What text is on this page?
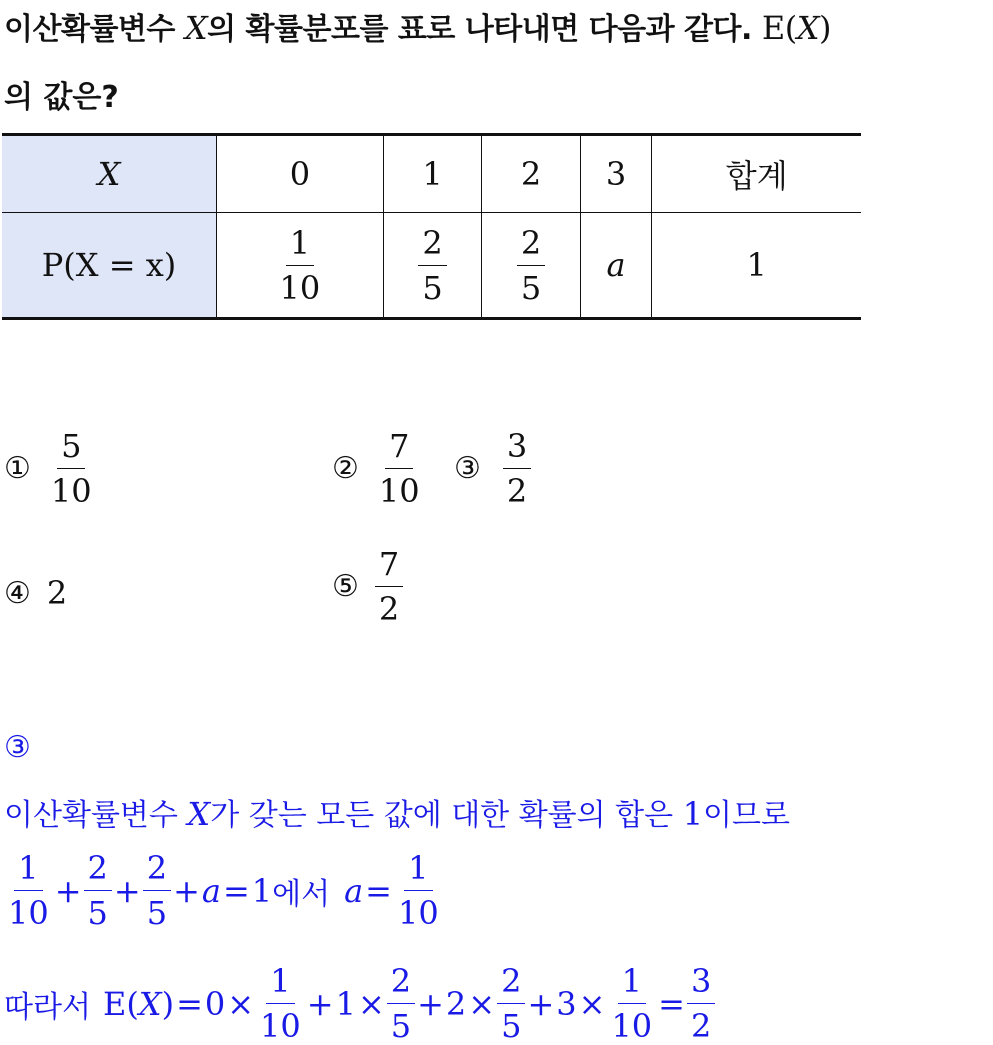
이산확률변수 X의 확률분포를 표로 나타내면 다음과 같다. E(X)
의 값은?
X	0	1	2	3	합계
P(X = x)	$\frac{1}{10}$	$\frac{2}{5}$	$\frac{2}{5}$	a	1
① $\frac{5}{10}$	② $\frac{7}{10}$ ③ $\frac{3}{2}$
④ 2	⑤ $\frac{7}{2}$
③
이산확률변수 X가 갖는 모든 값에 대한 확률의 합은 1이므로
$\frac{1}{10} + \frac{2}{5} + \frac{2}{5} + a = 1$ 에서 $a = \frac{1}{10}$
따라서 E( X ) = $0 \times \frac{1}{10} + 1 \times \frac{2}{5} + 2 \times \frac{2}{5} + 3 \times \frac{1}{10} = \frac{3}{2}$
